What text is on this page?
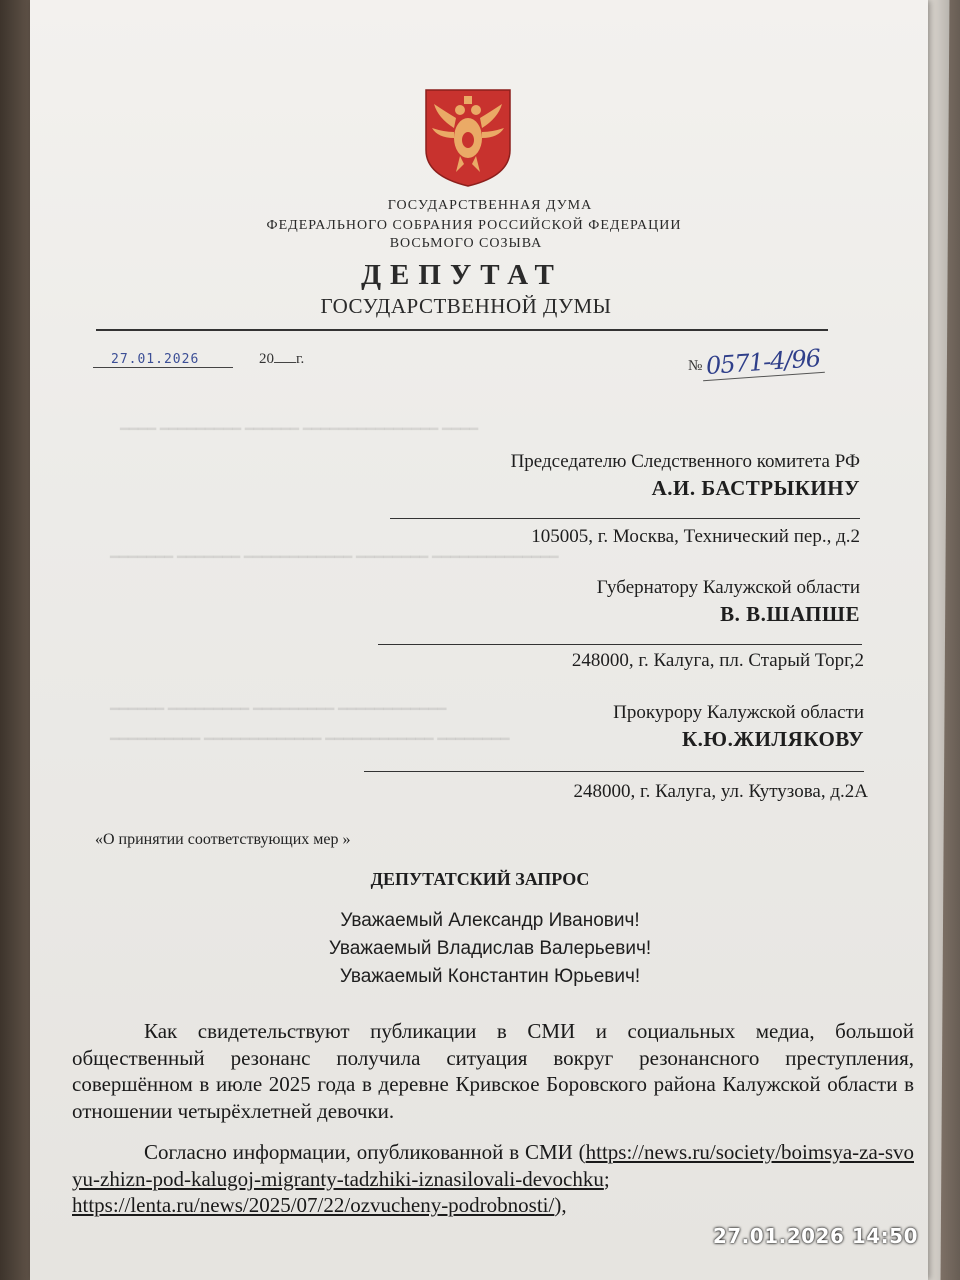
━━━━ ━━━━━━━━━ ━━━━━━ ━━━━━━━━━━━━━━━ ━━━━
━━━━━━━ ━━━━━━━ ━━━━━━━━━━━━ ━━━━━━━━ ━━━━━━━━━━━━━━
━━━━━━ ━━━━━━━━━ ━━━━━━━━━ ━━━━━━━━━━━━
━━━━━━━━━━ ━━━━━━━━━━━━━ ━━━━━━━━━━━━ ━━━━━━━━
ГОСУДАРСТВЕННАЯ ДУМА
ФЕДЕРАЛЬНОГО СОБРАНИЯ РОССИЙСКОЙ ФЕДЕРАЦИИ
ВОСЬМОГО СОЗЫВА
ДЕПУТАТ
ГОСУДАРСТВЕННОЙ ДУМЫ
27.01.2026	20 г.	№ 0571-4/96
Председателю Следственного комитета РФ
А.И. БАСТРЫКИНУ
105005, г. Москва, Технический пер., д.2
Губернатору Калужской области
В. В.ШАПШЕ
248000, г. Калуга, пл. Старый Торг,2
Прокурору Калужской области
К.Ю.ЖИЛЯКОВУ
248000, г. Калуга, ул. Кутузова, д.2А
«О принятии соответствующих мер »
ДЕПУТАТСКИЙ ЗАПРОС
Уважаемый Александр Иванович!
Уважаемый Владислав Валерьевич!
Уважаемый Константин Юрьевич!
Как свидетельствуют публикации в СМИ и социальных медиа, большой общественный резонанс получила ситуация вокруг резонансного преступления, совершённом в июле 2025 года в деревне Кривское Боровского района Калужской области в отношении четырёхлетней девочки.
Согласно информации, опубликованной в СМИ (https://news.ru/society/boimsya-za-svoyu-zhizn-pod-kalugoj-migranty-tadzhiki-iznasilovali-devochku; https://lenta.ru/news/2025/07/22/ozvucheny-podrobnosti/),
27.01.2026 14:50
